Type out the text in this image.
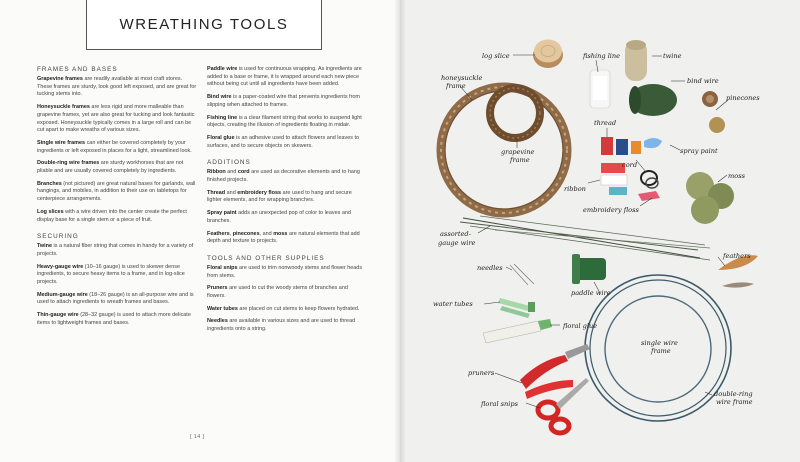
WREATHING TOOLS
FRAMES AND BASES

Grapevine frames are readily available at most craft stores. These frames are sturdy, look good left exposed, and are great for tucking stems into.

Honeysuckle frames are less rigid and more malleable than grapevine frames, yet are also great for tucking and look fantastic exposed. Honeysuckle typically comes in a large roll and can be cut apart to make wreaths of various sizes.

Single wire frames can either be covered completely by your ingredients or left exposed in places for a light, streamlined look.

Double-ring wire frames are sturdy workhorses that are not pliable and are usually covered completely by ingredients.

Branches (not pictured) are great natural bases for garlands, wall hangings, and mobiles, in addition to their use on tabletops for centerpiece arrangements.

Log slices with a wire driven into the center create the perfect display base for a single stem or a piece of fruit.

SECURING

Twine is a natural fiber string that comes in handy for a variety of projects.

Heavy-gauge wire (10–16 gauge) is used to skewer dense ingredients, to secure heavy items to a frame, and in log-slice projects.

Medium-gauge wire (18–26 gauge) is an all-purpose wire and is used to attach ingredients to wreath frames and bases.

Thin-gauge wire (28–32 gauge) is used to attach more delicate items to lightweight frames and bases.

Paddle wire is used for continuous wrapping. As ingredients are added to a base or frame, it is wrapped around each new piece without being cut until all ingredients have been added.

Bind wire is a paper-coated wire that prevents ingredients from slipping when attached to frames.

Fishing line is a clear filament string that works to suspend light objects, creating the illusion of ingredients floating in midair.

Floral glue is an adhesive used to attach flowers and leaves to surfaces, and to secure objects on skewers.

ADDITIONS

Ribbon and cord are used as decorative elements and to hang finished projects.

Thread and embroidery floss are used to hang and secure lighter elements, and for wrapping branches.

Spray paint adds an unexpected pop of color to leaves and branches.

Feathers, pinecones, and moss are natural elements that add depth and texture to projects.

TOOLS AND OTHER SUPPLIES

Floral snips are used to trim nonwoody stems and flower heads from stems.

Pruners are used to cut the woody stems of branches and flowers.

Water tubes are placed on cut stems to keep flowers hydrated.

Needles are available in various sizes and are used to thread ingredients onto a string.

[ 14 ]
log slice	fishing line	twine
honeysuckle
frame
bind wire
pinecones
grapevine
frame
thread
spray paint
cord
moss
ribbon
embroidery floss
assorted-
gauge wire
feathers
needles
paddle wire
water tubes
floral glue
single wire
frame
pruners
double-ring
wire frame
floral snips
